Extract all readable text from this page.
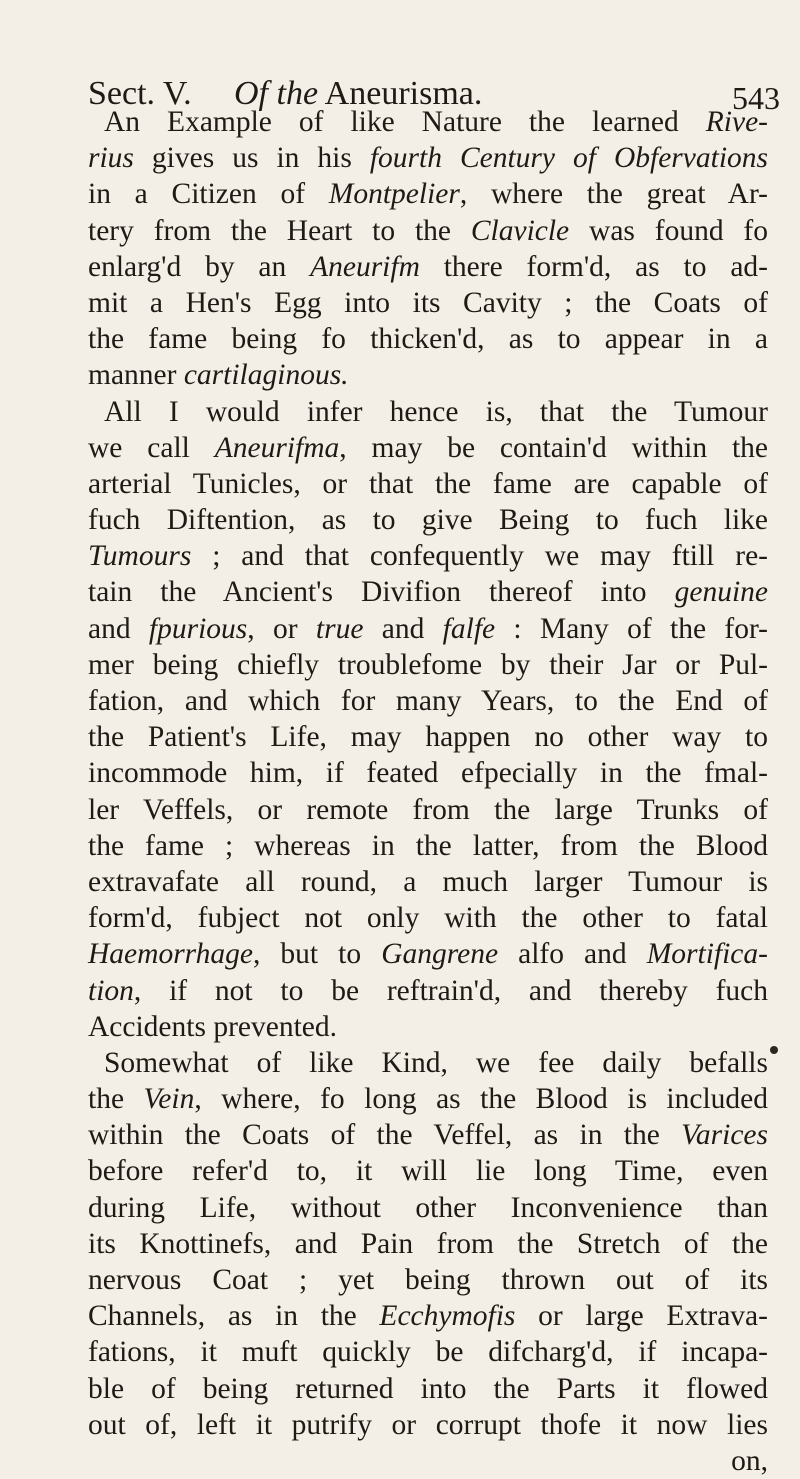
Sect. V. Of the Aneurisma.	543
An Example of like Nature the learned Rive-
rius gives us in his fourth Century of Obfervations
in a Citizen of Montpelier, where the great Ar-
tery from the Heart to the Clavicle was found fo
enlarg'd by an Aneurifm there form'd, as to ad-
mit a Hen's Egg into its Cavity ; the Coats of
the fame being fo thicken'd, as to appear in a
manner cartilaginous.
All I would infer hence is, that the Tumour
we call Aneurifma, may be contain'd within the
arterial Tunicles, or that the fame are capable of
fuch Diftention, as to give Being to fuch like
Tumours ; and that confequently we may ftill re-
tain the Ancient's Divifion thereof into genuine
and fpurious, or true and falfe : Many of the for-
mer being chiefly troublefome by their Jar or Pul-
fation, and which for many Years, to the End of
the Patient's Life, may happen no other way to
incommode him, if feated efpecially in the fmal-
ler Veffels, or remote from the large Trunks of
the fame ; whereas in the latter, from the Blood
extravafate all round, a much larger Tumour is
form'd, fubject not only with the other to fatal
Haemorrhage, but to Gangrene alfo and Mortifica-
tion, if not to be reftrain'd, and thereby fuch
Accidents prevented.
Somewhat of like Kind, we fee daily befalls
the Vein, where, fo long as the Blood is included
within the Coats of the Veffel, as in the Varices
before refer'd to, it will lie long Time, even
during Life, without other Inconvenience than
its Knottinefs, and Pain from the Stretch of the
nervous Coat ; yet being thrown out of its
Channels, as in the Ecchymofis or large Extrava-
fations, it muft quickly be difcharg'd, if incapa-
ble of being returned into the Parts it flowed
out of, left it putrify or corrupt thofe it now lies
on,
